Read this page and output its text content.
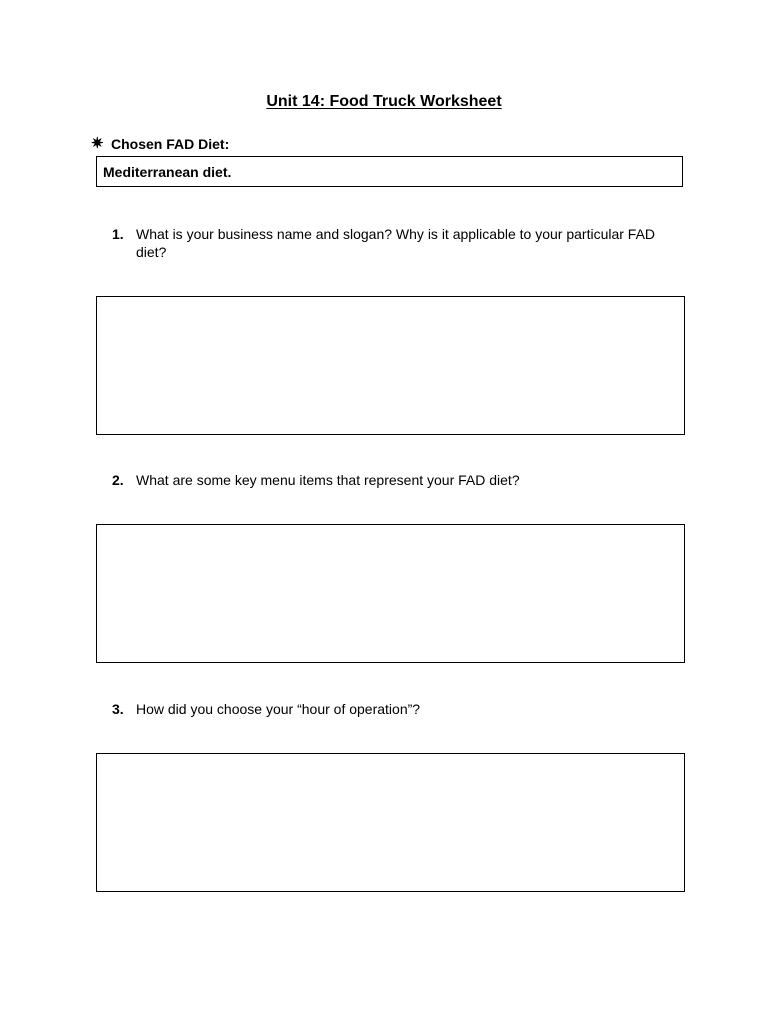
Unit 14: Food Truck Worksheet
✷ Chosen FAD Diet:
Mediterranean diet.
1. What is your business name and slogan? Why is it applicable to your particular FAD diet?
2. What are some key menu items that represent your FAD diet?
3. How did you choose your “hour of operation”?
